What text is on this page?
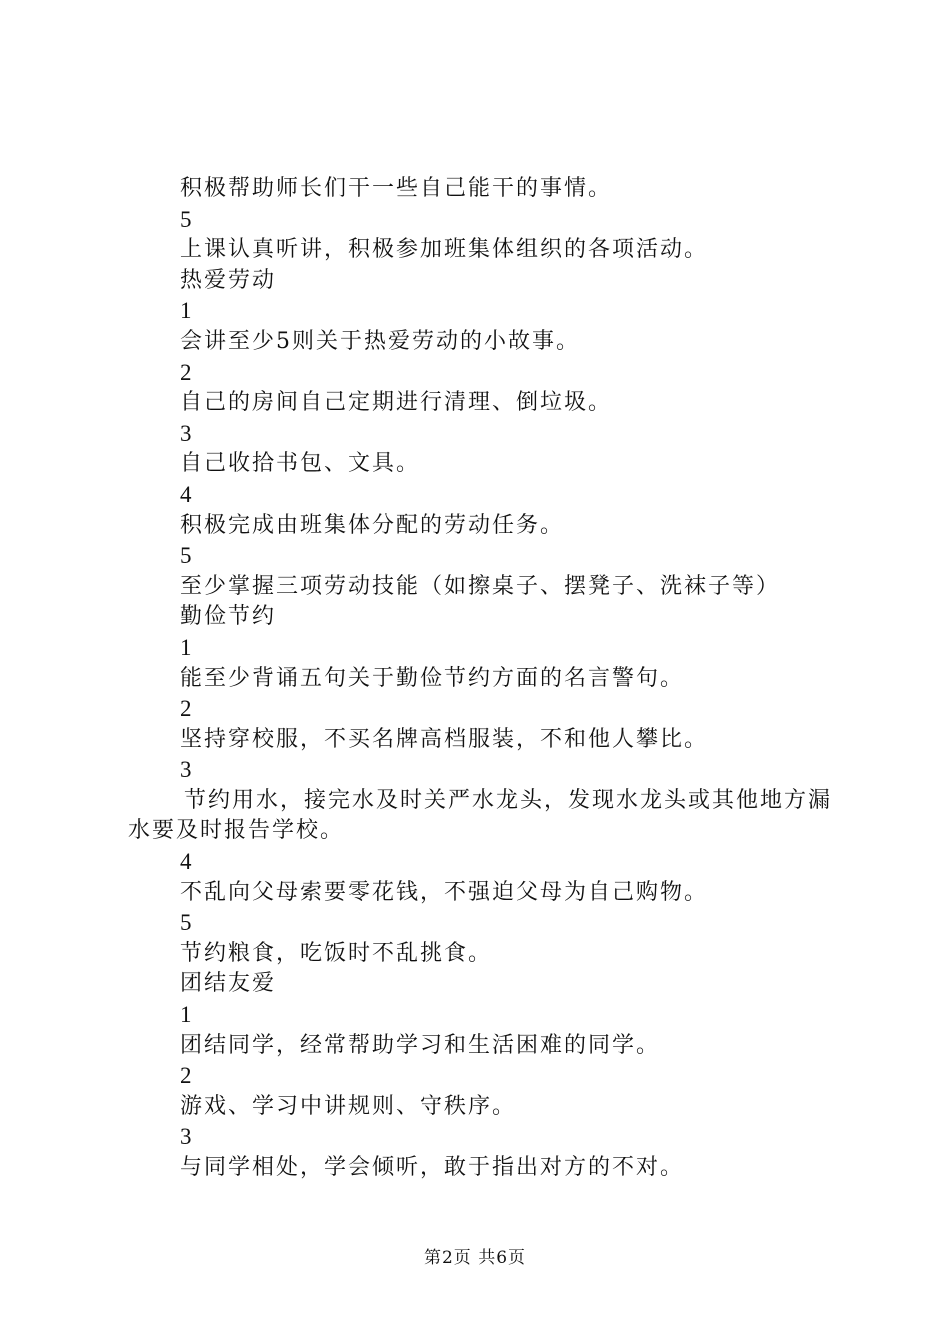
积极帮助师长们干一些自己能干的事情。
5
上课认真听讲，积极参加班集体组织的各项活动。
热爱劳动
1
会讲至少5则关于热爱劳动的小故事。
2
自己的房间自己定期进行清理、倒垃圾。
3
自己收拾书包、文具。
4
积极完成由班集体分配的劳动任务。
5
至少掌握三项劳动技能（如擦桌子、摆凳子、洗袜子等）
勤俭节约
1
能至少背诵五句关于勤俭节约方面的名言警句。
2
坚持穿校服，不买名牌高档服装，不和他人攀比。
3
节约用水，接完水及时关严水龙头，发现水龙头或其他地方漏水要及时报告学校。
4
不乱向父母索要零花钱，不强迫父母为自己购物。
5
节约粮食，吃饭时不乱挑食。
团结友爱
1
团结同学，经常帮助学习和生活困难的同学。
2
游戏、学习中讲规则、守秩序。
3
与同学相处，学会倾听，敢于指出对方的不对。
第2页 共6页
